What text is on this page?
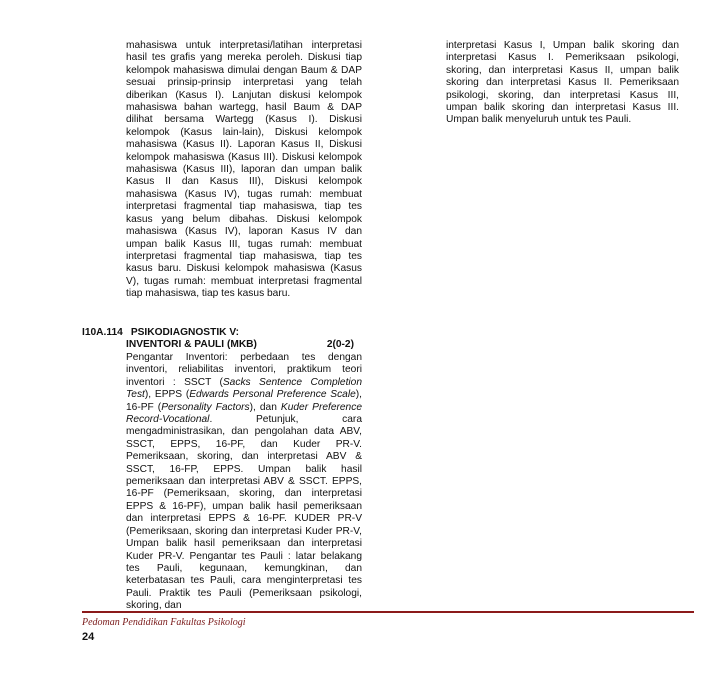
mahasiswa untuk interpretasi/latihan interpretasi hasil tes grafis yang mereka peroleh. Diskusi tiap kelompok mahasiswa dimulai dengan Baum & DAP sesuai prinsip-prinsip interpretasi yang telah diberikan (Kasus I). Lanjutan diskusi kelompok mahasiswa bahan wartegg, hasil Baum & DAP dilihat bersama Wartegg (Kasus I). Diskusi kelompok (Kasus lain-lain), Diskusi kelompok mahasiswa (Kasus II). Laporan Kasus II, Diskusi kelompok mahasiswa (Kasus III). Diskusi kelompok mahasiswa (Kasus III), laporan dan umpan balik Kasus II dan Kasus III), Diskusi kelompok mahasiswa (Kasus IV), tugas rumah: membuat interpretasi fragmental tiap mahasiswa, tiap tes kasus yang belum dibahas. Diskusi kelompok mahasiswa (Kasus IV), laporan Kasus IV dan umpan balik Kasus III, tugas rumah: membuat interpretasi fragmental tiap mahasiswa, tiap tes kasus baru. Diskusi kelompok mahasiswa (Kasus V), tugas rumah: membuat interpretasi fragmental tiap mahasiswa, tiap tes kasus baru.

I10A.114 PSIKODIAGNOSTIK V:
INVENTORI & PAULI (MKB)	2(0-2)

Pengantar Inventori: perbedaan tes dengan inventori, reliabilitas inventori, praktikum teori inventori : SSCT (Sacks Sentence Completion Test), EPPS (Edwards Personal Preference Scale), 16-PF (Personality Factors), dan Kuder Preference Record-Vocational. Petunjuk, cara mengadministrasikan, dan pengolahan data ABV, SSCT, EPPS, 16-PF, dan Kuder PR-V. Pemeriksaan, skoring, dan interpretasi ABV & SSCT, 16-FP, EPPS. Umpan balik hasil pemeriksaan dan interpretasi ABV & SSCT. EPPS, 16-PF (Pemeriksaan, skoring, dan interpretasi EPPS & 16-PF), umpan balik hasil pemeriksaan dan interpretasi EPPS & 16-PF. KUDER PR-V (Pemeriksaan, skoring dan interpretasi Kuder PR-V, Umpan balik hasil pemeriksaan dan interpretasi Kuder PR-V. Pengantar tes Pauli : latar belakang tes Pauli, kegunaan, kemungkinan, dan keterbatasan tes Pauli, cara menginterpretasi tes Pauli. Praktik tes Pauli (Pemeriksaan psikologi, skoring, dan

interpretasi Kasus I, Umpan balik skoring dan interpretasi Kasus I. Pemeriksaan psikologi, skoring, dan interpretasi Kasus II, umpan balik skoring dan interpretasi Kasus II. Pemeriksaan psikologi, skoring, dan interpretasi Kasus III, umpan balik skoring dan interpretasi Kasus III. Umpan balik menyeluruh untuk tes Pauli.

Pedoman Pendidikan Fakultas Psikologi
24
